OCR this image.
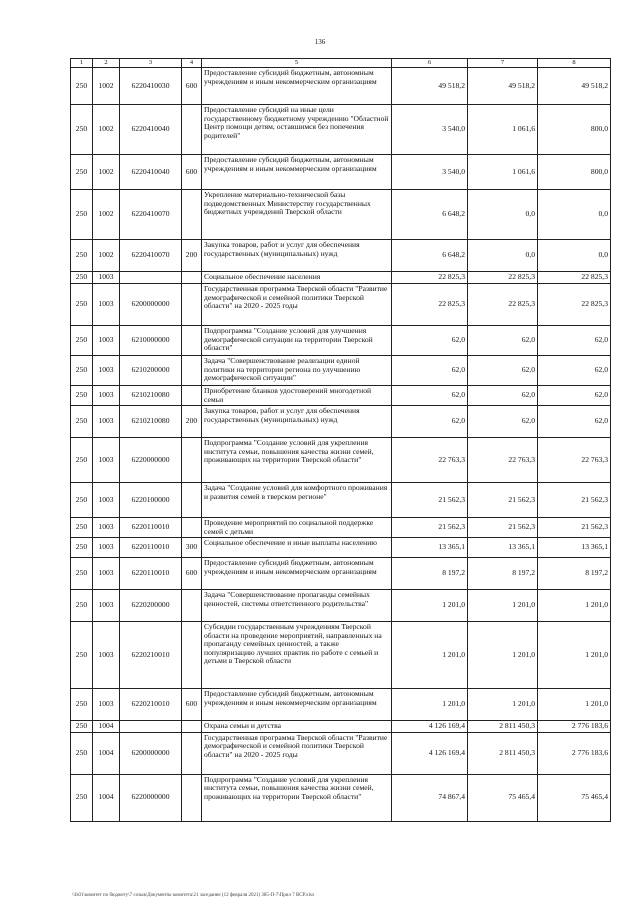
136
1	2	3	4	5	6	7	8
250	1002	6220410030	600	Предоставление субсидий бюджетным, автономным учреждениям и иным некоммерческим организациям	49 518,2	49 518,2	49 518,2
250	1002	6220410040		Предоставление субсидий на иные цели государственному бюджетному учреждению "Областной Центр помощи детям, оставшимся без попечения родителей"	3 540,0	1 061,6	800,0
250	1002	6220410040	600	Предоставление субсидий бюджетным, автономным учреждениям и иным некоммерческим организациям	3 540,0	1 061,6	800,0
250	1002	6220410070		Укрепление материально-технической базы подведомственных Министерству государственных бюджетных учреждений Тверской области	6 648,2	0,0	0,0
250	1002	6220410070	200	Закупка товаров, работ и услуг для обеспечения государственных (муниципальных) нужд	6 648,2	0,0	0,0
250	1003			Социальное обеспечение населения	22 825,3	22 825,3	22 825,3
250	1003	6200000000		Государственная программа Тверской области "Развитие демографической и семейной политики Тверской области" на 2020 - 2025 годы	22 825,3	22 825,3	22 825,3
250	1003	6210000000		Подпрограмма "Создание условий для улучшения демографической ситуации на территории Тверской области"	62,0	62,0	62,0
250	1003	6210200000		Задача "Совершенствование реализации единой политики на территории региона по улучшению демографической ситуации"	62,0	62,0	62,0
250	1003	6210210080		Приобретение бланков удостоверений многодетной семьи	62,0	62,0	62,0
250	1003	6210210080	200	Закупка товаров, работ и услуг для обеспечения государственных (муниципальных) нужд	62,0	62,0	62,0
250	1003	6220000000		Подпрограмма "Создание условий для укрепления института семьи, повышения качества жизни семей, проживающих на территории Тверской области"	22 763,3	22 763,3	22 763,3
250	1003	6220100000		Задача "Создание условий для комфортного проживания и развития семей в тверском регионе"	21 562,3	21 562,3	21 562,3
250	1003	6220110010		Проведение мероприятий по социальной поддержке семей с детьми	21 562,3	21 562,3	21 562,3
250	1003	6220110010	300	Социальное обеспечение и иные выплаты населению	13 365,1	13 365,1	13 365,1
250	1003	6220110010	600	Предоставление субсидий бюджетным, автономным учреждениям и иным некоммерческим организациям	8 197,2	8 197,2	8 197,2
250	1003	6220200000		Задача "Совершенствование пропаганды семейных ценностей, системы ответственного родительства"	1 201,0	1 201,0	1 201,0
250	1003	6220210010		Субсидии государственным учреждениям Тверской области на проведение мероприятий, направленных на пропаганду семейных ценностей, а также популяризацию лучших практик по работе с семьей и детьми в Тверской области	1 201,0	1 201,0	1 201,0
250	1003	6220210010	600	Предоставление субсидий бюджетным, автономным учреждениям и иным некоммерческим организациям	1 201,0	1 201,0	1 201,0
250	1004			Охрана семьи и детства	4 126 169,4	2 811 450,3	2 776 183,6
250	1004	6200000000		Государственная программа Тверской области "Развитие демографической и семейной политики Тверской области" на 2020 - 2025 годы	4 126 169,4	2 811 450,3	2 776 183,6
250	1004	6220000000		Подпрограмма "Создание условий для укрепления института семьи, повышения качества жизни семей, проживающих на территории Тверской области"	74 867,4	75 465,4	75 465,4
\\fs01\комитет по бюджету\7 созыв\Документы комитета\21 заседание (12 февраля 2021) 385-П-7\Прил 7 ВСР.xlsx
